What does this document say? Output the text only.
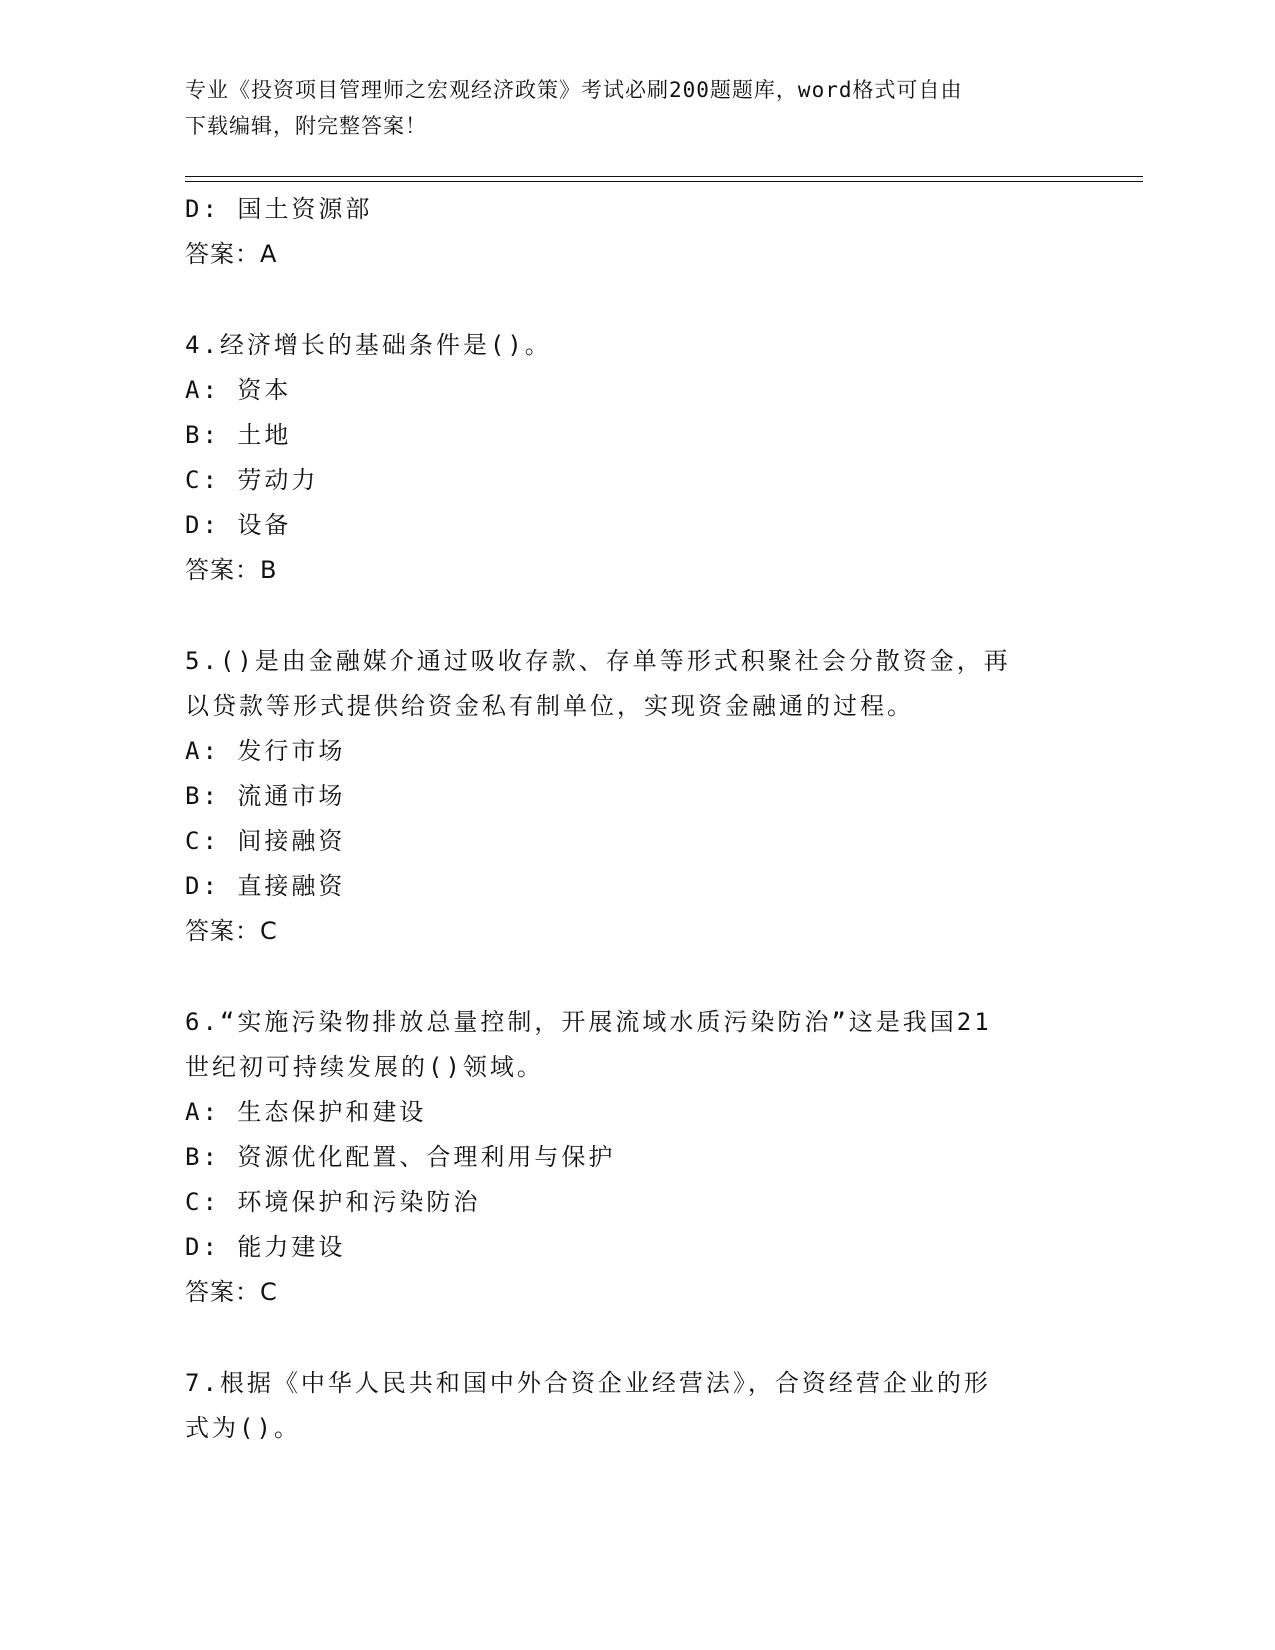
专业《投资项目管理师之宏观经济政策》考试必刷200题题库，word格式可自由
下载编辑，附完整答案！
D: 国土资源部
答案：A
4.经济增长的基础条件是()。
A: 资本
B: 土地
C: 劳动力
D: 设备
答案：B
5.()是由金融媒介通过吸收存款、存单等形式积聚社会分散资金，再
以贷款等形式提供给资金私有制单位，实现资金融通的过程。
A: 发行市场
B: 流通市场
C: 间接融资
D: 直接融资
答案：C
6.“实施污染物排放总量控制，开展流域水质污染防治”这是我国21
世纪初可持续发展的()领域。
A: 生态保护和建设
B: 资源优化配置、合理利用与保护
C: 环境保护和污染防治
D: 能力建设
答案：C
7.根据《中华人民共和国中外合资企业经营法》，合资经营企业的形
式为()。
